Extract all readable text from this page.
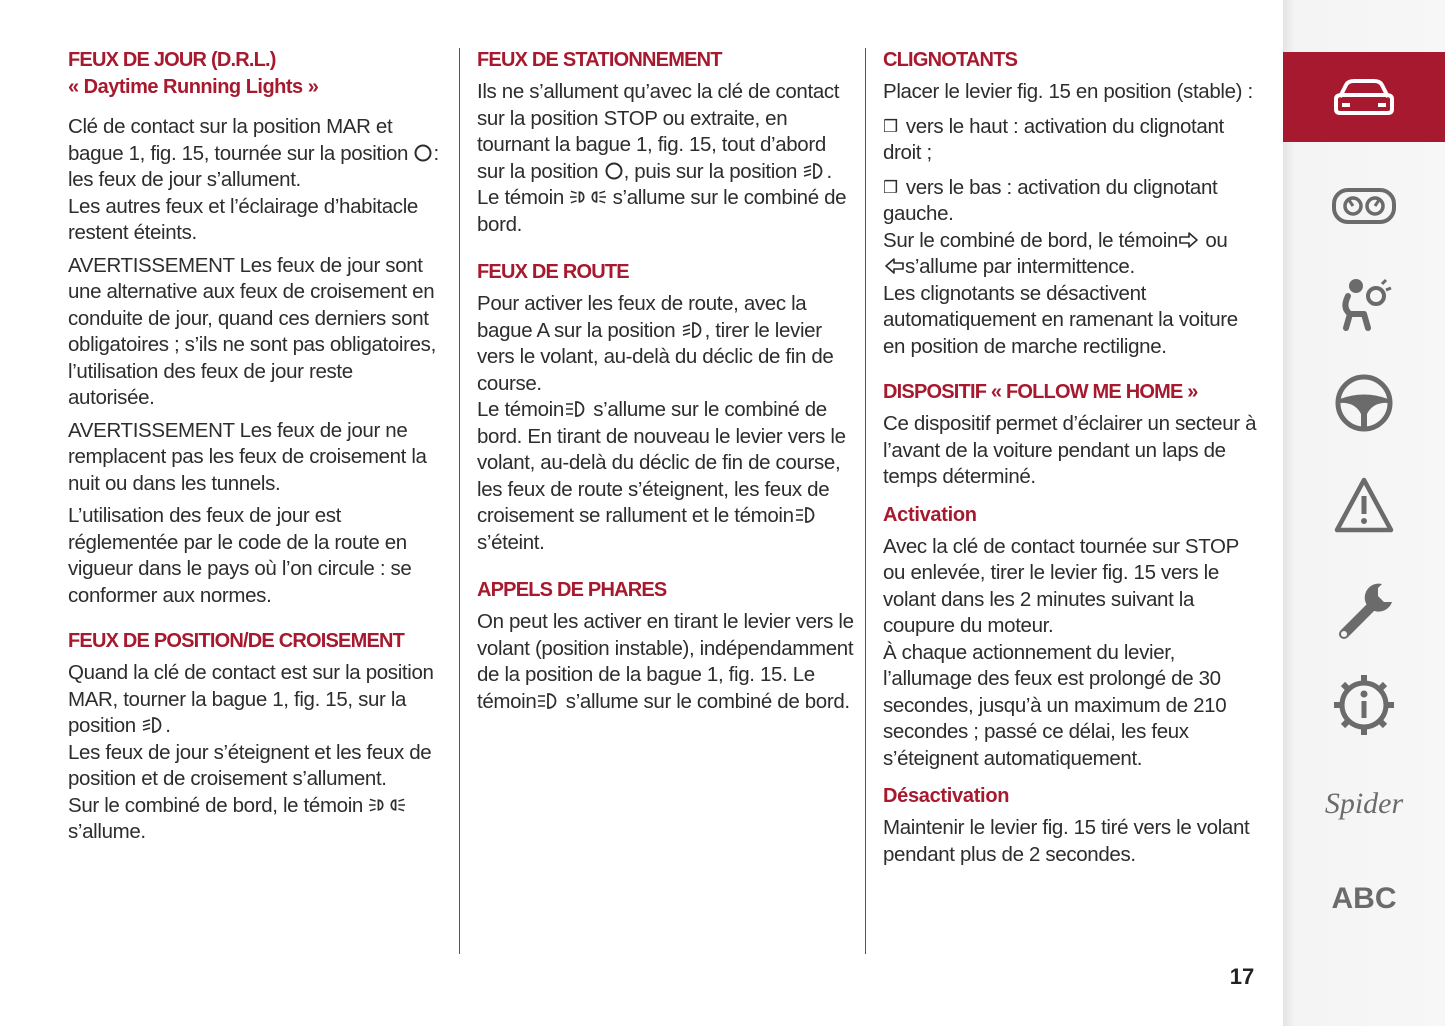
FEUX DE JOUR (D.R.L.)
« Daytime Running Lights »

Clé de contact sur la position MAR et bague 1, fig. 15, tournée sur la position : les feux de jour s’allument.
Les autres feux et l’éclairage d’habitacle restent éteints.

AVERTISSEMENT Les feux de jour sont une alternative aux feux de croisement en conduite de jour, quand ces derniers sont obligatoires ; s’ils ne sont pas obligatoires, l’utilisation des feux de jour reste autorisée.

AVERTISSEMENT Les feux de jour ne remplacent pas les feux de croisement la nuit ou dans les tunnels.

L’utilisation des feux de jour est réglementée par le code de la route en vigueur dans le pays où l’on circule : se conformer aux normes.

FEUX DE POSITION/DE CROISEMENT

Quand la clé de contact est sur la position MAR, tourner la bague 1, fig. 15, sur la position .
Les feux de jour s’éteignent et les feux de position et de croisement s’allument.
Sur le combiné de bord, le témoin
s’allume.

FEUX DE STATIONNEMENT

Ils ne s’allument qu’avec la clé de contact sur la position STOP ou extraite, en tournant la bague 1, fig. 15, tout d’abord sur la position , puis sur la position .
Le témoin s’allume sur le combiné de bord.

FEUX DE ROUTE

Pour activer les feux de route, avec la bague A sur la position , tirer le levier vers le volant, au-delà du déclic de fin de course.
Le témoin s’allume sur le combiné de bord. En tirant de nouveau le levier vers le volant, au-delà du déclic de fin de course, les feux de route s’éteignent, les feux de croisement se rallument et le témoin s’éteint.

APPELS DE PHARES

On peut les activer en tirant le levier vers le volant (position instable), indépendamment de la position de la bague 1, fig. 15. Le témoin s’allume sur le combiné de bord.

CLIGNOTANTS

Placer le levier fig. 15 en position (stable) :

❒ vers le haut : activation du clignotant droit ;

❒ vers le bas : activation du clignotant gauche.

Sur le combiné de bord, le témoin ou
s’allume par intermittence.
Les clignotants se désactivent automatiquement en ramenant la voiture en position de marche rectiligne.

DISPOSITIF « FOLLOW ME HOME »

Ce dispositif permet d’éclairer un secteur à l’avant de la voiture pendant un laps de temps déterminé.

Activation

Avec la clé de contact tournée sur STOP ou enlevée, tirer le levier fig. 15 vers le volant dans les 2 minutes suivant la coupure du moteur.
À chaque actionnement du levier, l’allumage des feux est prolongé de 30 secondes, jusqu’à un maximum de 210 secondes ; passé ce délai, les feux s’éteignent automatiquement.

Désactivation

Maintenir le levier fig. 15 tiré vers le volant pendant plus de 2 secondes.

17
Spider
ABC
